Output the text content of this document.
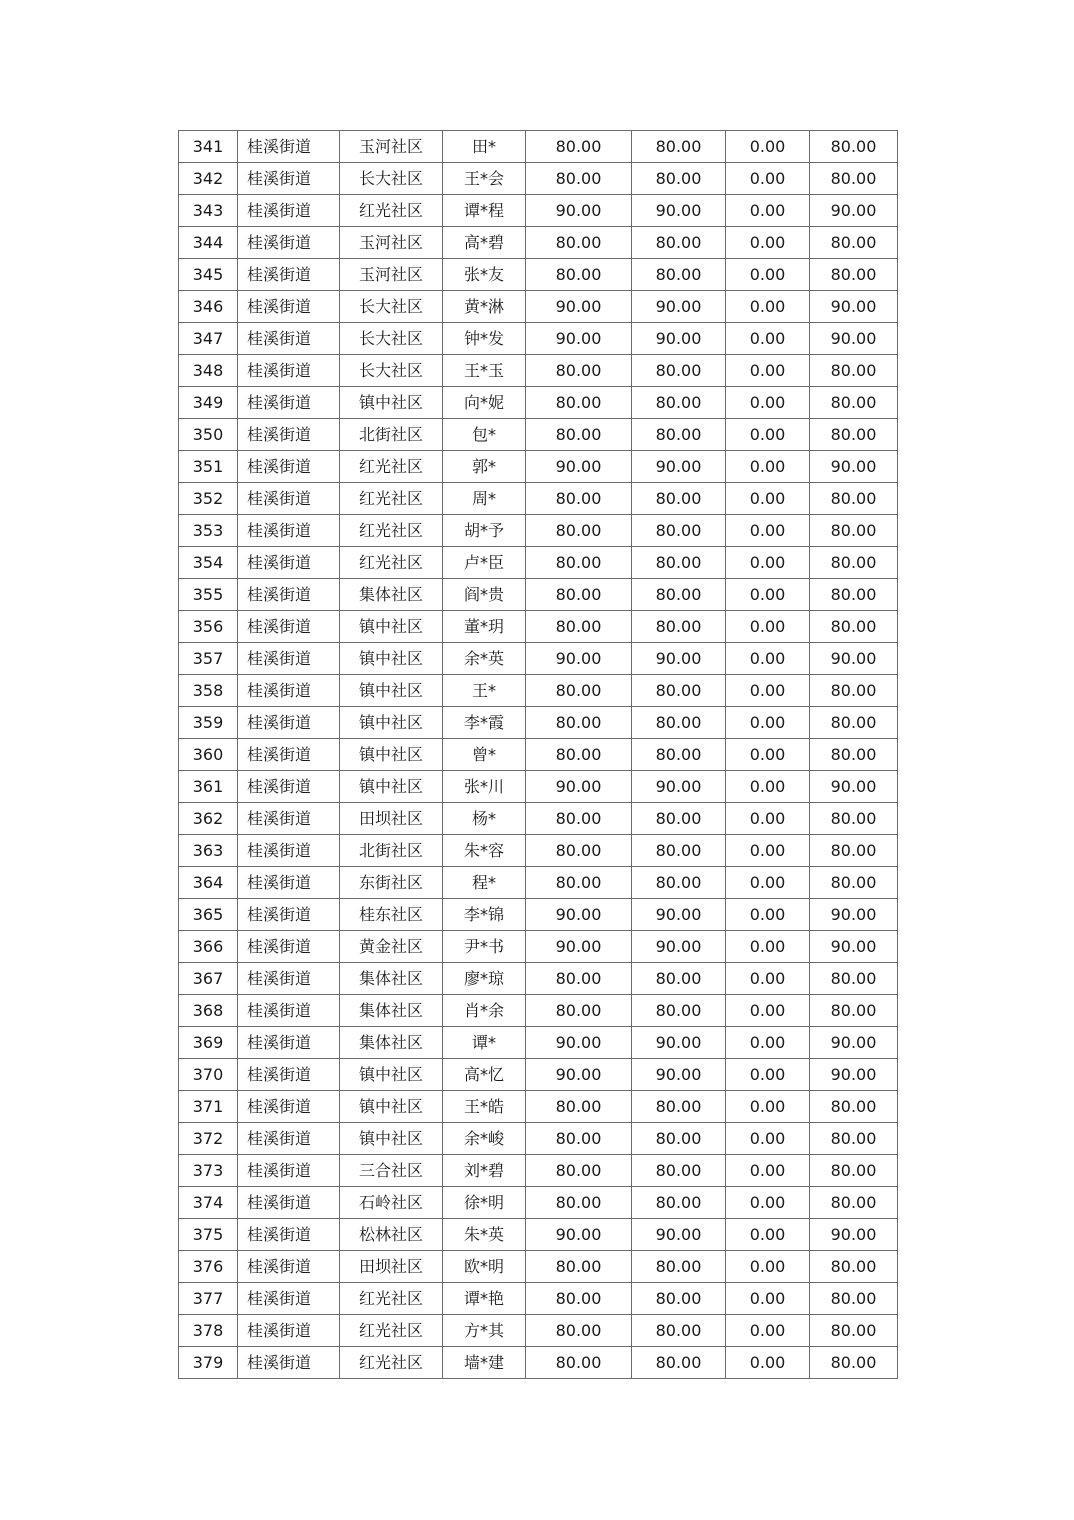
341	桂溪街道	玉河社区	田*	80.00	80.00	0.00	80.00
342	桂溪街道	长大社区	王*会	80.00	80.00	0.00	80.00
343	桂溪街道	红光社区	谭*程	90.00	90.00	0.00	90.00
344	桂溪街道	玉河社区	高*碧	80.00	80.00	0.00	80.00
345	桂溪街道	玉河社区	张*友	80.00	80.00	0.00	80.00
346	桂溪街道	长大社区	黄*淋	90.00	90.00	0.00	90.00
347	桂溪街道	长大社区	钟*发	90.00	90.00	0.00	90.00
348	桂溪街道	长大社区	王*玉	80.00	80.00	0.00	80.00
349	桂溪街道	镇中社区	向*妮	80.00	80.00	0.00	80.00
350	桂溪街道	北街社区	包*	80.00	80.00	0.00	80.00
351	桂溪街道	红光社区	郭*	90.00	90.00	0.00	90.00
352	桂溪街道	红光社区	周*	80.00	80.00	0.00	80.00
353	桂溪街道	红光社区	胡*予	80.00	80.00	0.00	80.00
354	桂溪街道	红光社区	卢*臣	80.00	80.00	0.00	80.00
355	桂溪街道	集体社区	阎*贵	80.00	80.00	0.00	80.00
356	桂溪街道	镇中社区	董*玥	80.00	80.00	0.00	80.00
357	桂溪街道	镇中社区	余*英	90.00	90.00	0.00	90.00
358	桂溪街道	镇中社区	王*	80.00	80.00	0.00	80.00
359	桂溪街道	镇中社区	李*霞	80.00	80.00	0.00	80.00
360	桂溪街道	镇中社区	曾*	80.00	80.00	0.00	80.00
361	桂溪街道	镇中社区	张*川	90.00	90.00	0.00	90.00
362	桂溪街道	田坝社区	杨*	80.00	80.00	0.00	80.00
363	桂溪街道	北街社区	朱*容	80.00	80.00	0.00	80.00
364	桂溪街道	东街社区	程*	80.00	80.00	0.00	80.00
365	桂溪街道	桂东社区	李*锦	90.00	90.00	0.00	90.00
366	桂溪街道	黄金社区	尹*书	90.00	90.00	0.00	90.00
367	桂溪街道	集体社区	廖*琼	80.00	80.00	0.00	80.00
368	桂溪街道	集体社区	肖*余	80.00	80.00	0.00	80.00
369	桂溪街道	集体社区	谭*	90.00	90.00	0.00	90.00
370	桂溪街道	镇中社区	高*忆	90.00	90.00	0.00	90.00
371	桂溪街道	镇中社区	王*皓	80.00	80.00	0.00	80.00
372	桂溪街道	镇中社区	余*峻	80.00	80.00	0.00	80.00
373	桂溪街道	三合社区	刘*碧	80.00	80.00	0.00	80.00
374	桂溪街道	石岭社区	徐*明	80.00	80.00	0.00	80.00
375	桂溪街道	松林社区	朱*英	90.00	90.00	0.00	90.00
376	桂溪街道	田坝社区	欧*明	80.00	80.00	0.00	80.00
377	桂溪街道	红光社区	谭*艳	80.00	80.00	0.00	80.00
378	桂溪街道	红光社区	方*其	80.00	80.00	0.00	80.00
379	桂溪街道	红光社区	墙*建	80.00	80.00	0.00	80.00
